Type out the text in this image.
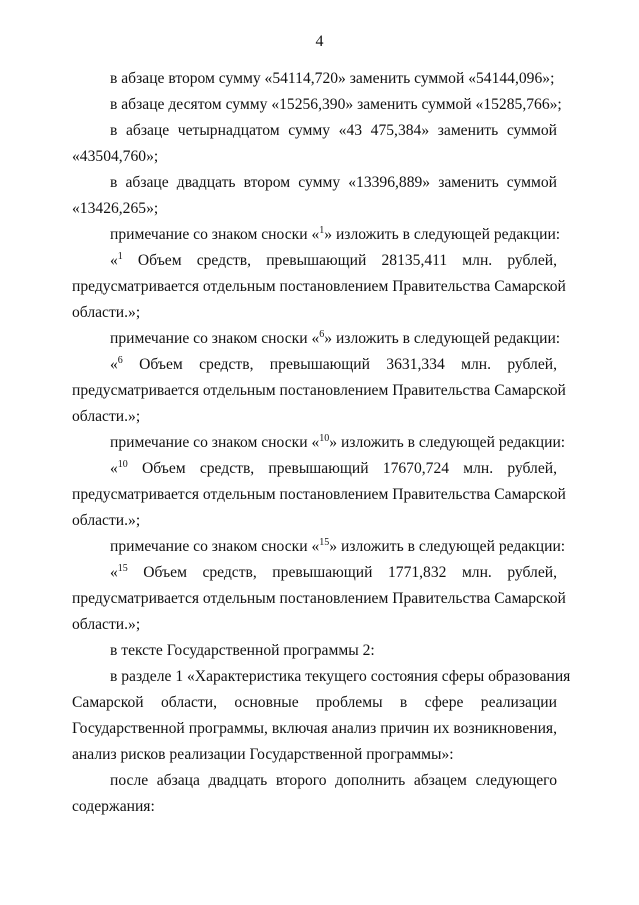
4
в абзаце втором сумму «54114,720» заменить суммой «54144,096»;
в абзаце десятом сумму «15256,390» заменить суммой «15285,766»;
в абзаце четырнадцатом сумму «43 475,384» заменить суммой
«43504,760»;
в абзаце двадцать втором сумму «13396,889» заменить суммой
«13426,265»;
примечание со знаком сноски «$^1$» изложить в следующей редакции:
«$^1$ Объем средств, превышающий 28135,411 млн. рублей,
предусматривается отдельным постановлением Правительства Самарской
области.»;
примечание со знаком сноски «$^6$» изложить в следующей редакции:
«$^6$ Объем средств, превышающий 3631,334 млн. рублей,
предусматривается отдельным постановлением Правительства Самарской
области.»;
примечание со знаком сноски «$^{10}$» изложить в следующей редакции:
«$^{10}$ Объем средств, превышающий 17670,724 млн. рублей,
предусматривается отдельным постановлением Правительства Самарской
области.»;
примечание со знаком сноски «$^{15}$» изложить в следующей редакции:
«$^{15}$ Объем средств, превышающий 1771,832 млн. рублей,
предусматривается отдельным постановлением Правительства Самарской
области.»;
в тексте Государственной программы 2:
в разделе 1 «Характеристика текущего состояния сферы образования
Самарской области, основные проблемы в сфере реализации
Государственной программы, включая анализ причин их возникновения,
анализ рисков реализации Государственной программы»:
после абзаца двадцать второго дополнить абзацем следующего
содержания:
